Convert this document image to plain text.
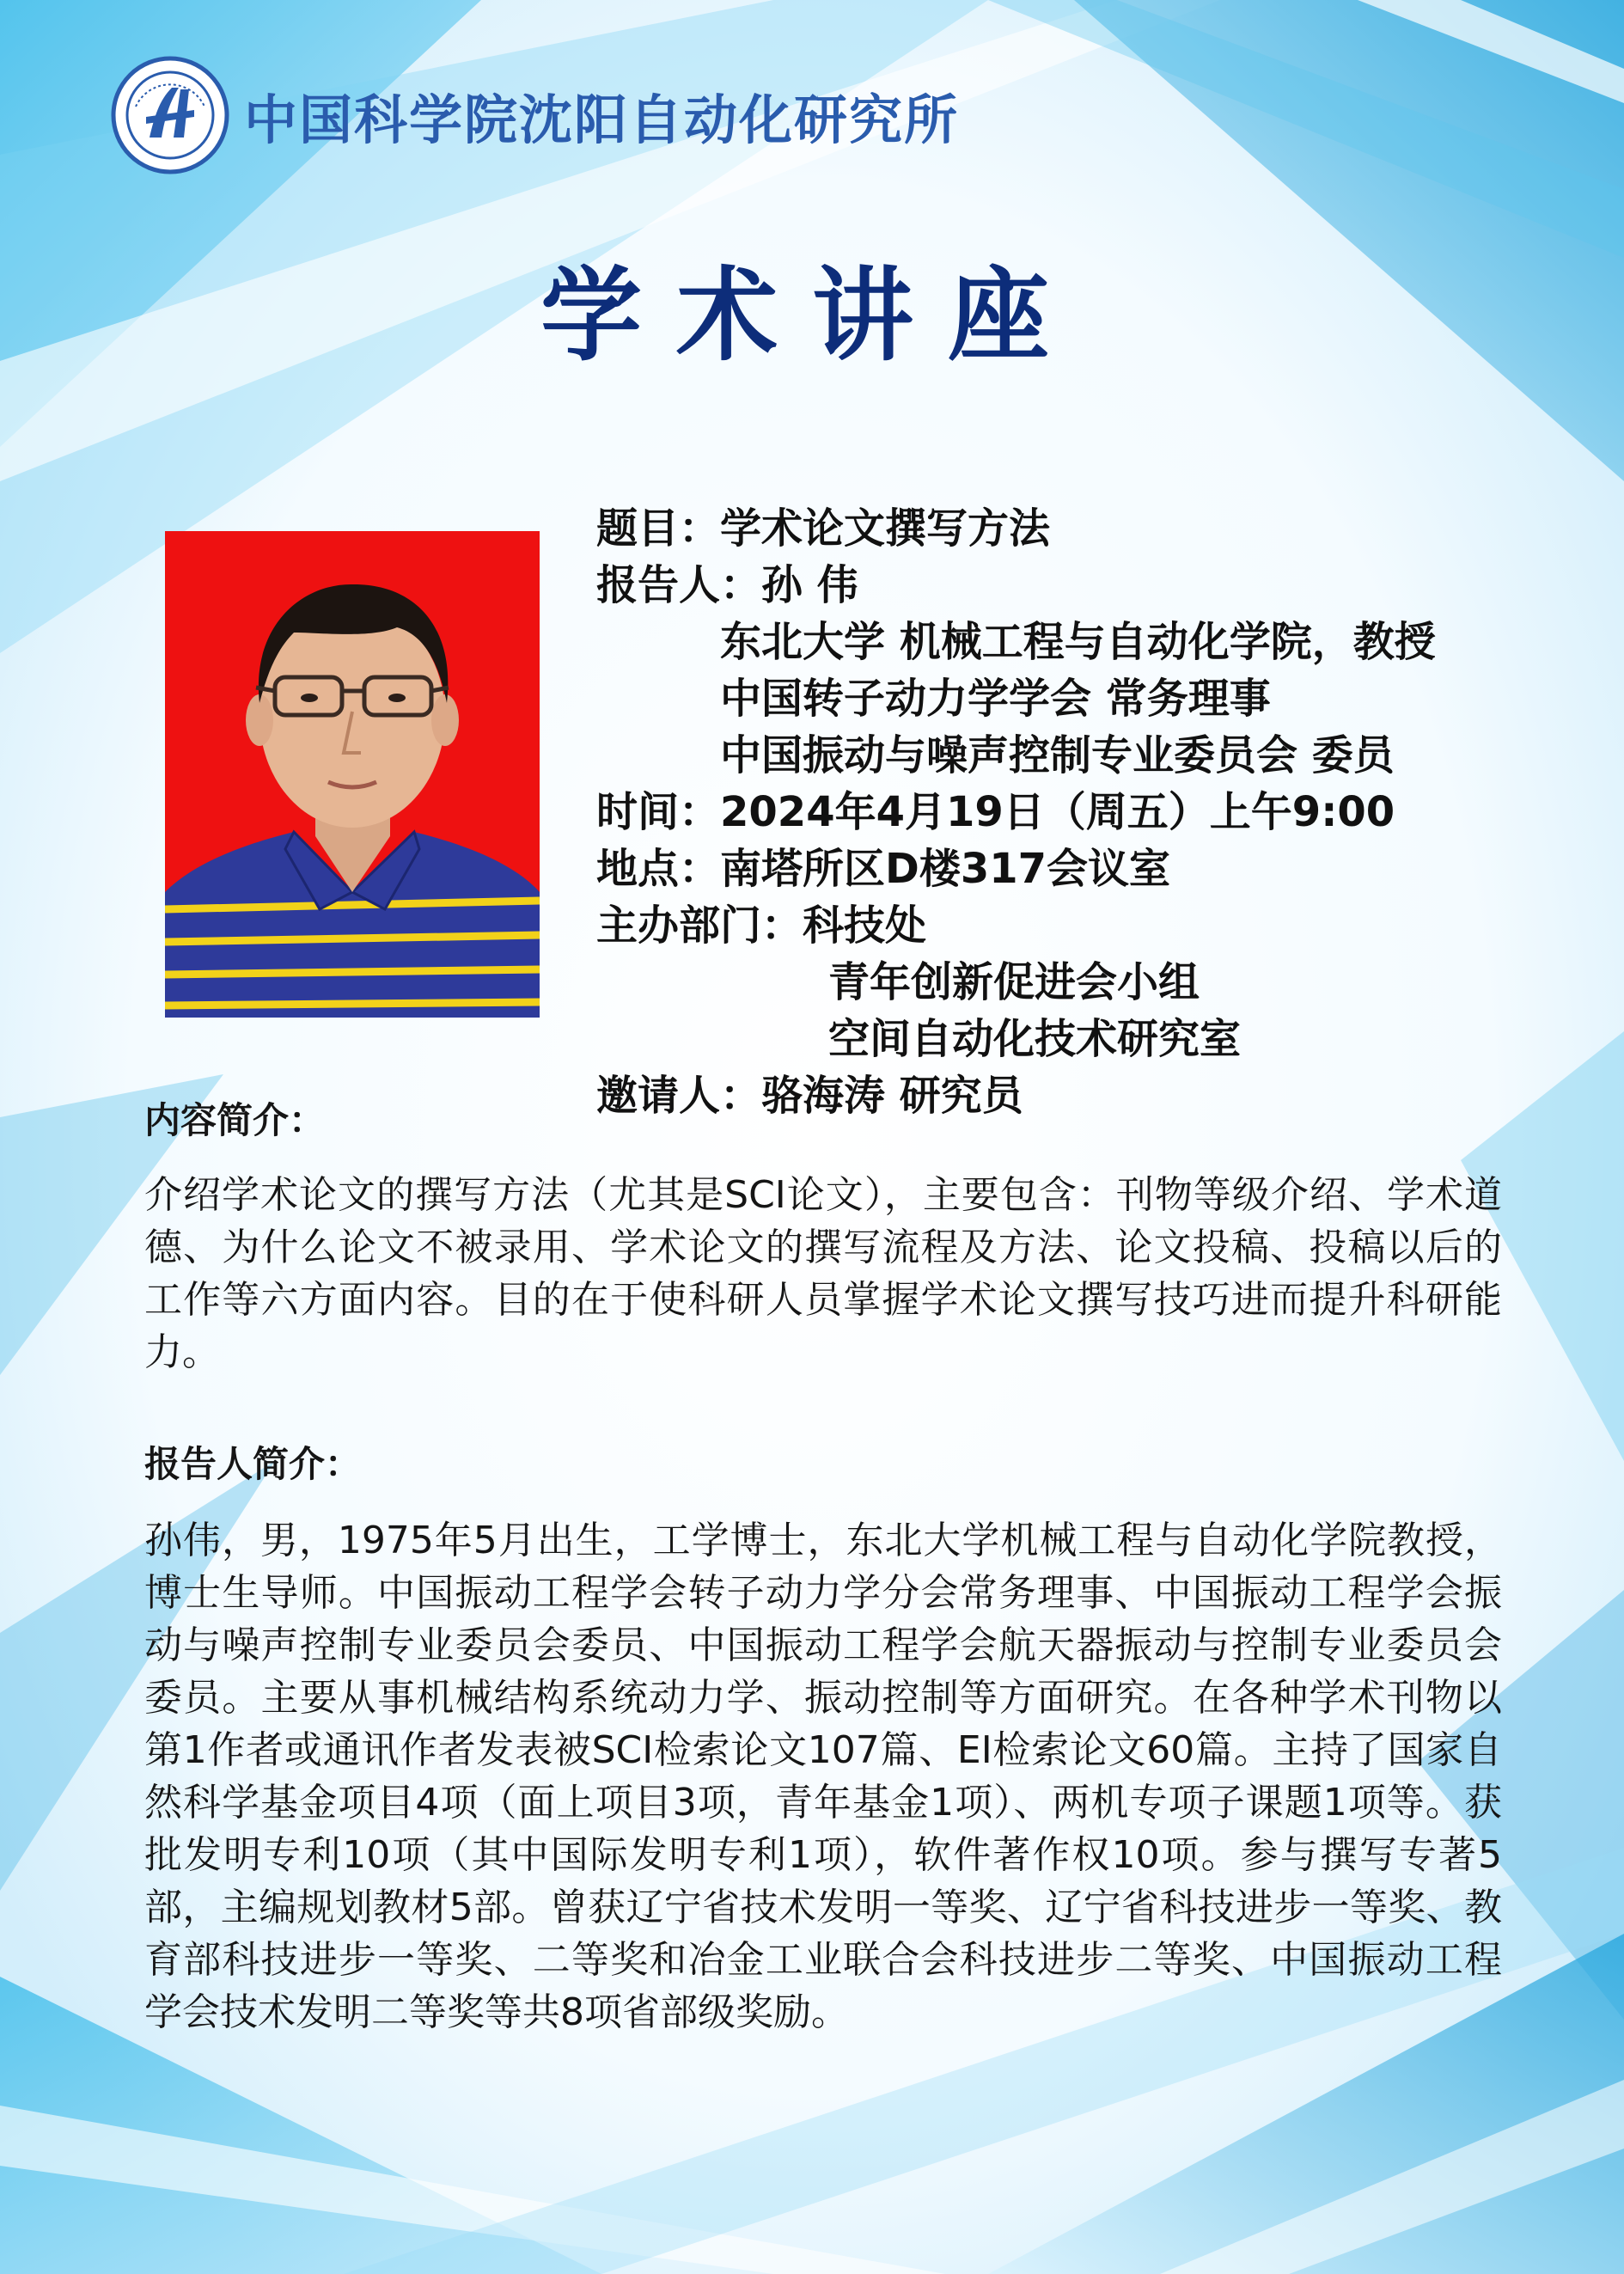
中国科学院沈阳自动化研究所
学术讲座
题目：学术论文撰写方法
报告人：孙 伟
东北大学 机械工程与自动化学院，教授
中国转子动力学学会 常务理事
中国振动与噪声控制专业委员会 委员
时间：2024年4月19日（周五）上午9:00
地点：南塔所区D楼317会议室
主办部门：科技处
青年创新促进会小组
空间自动化技术研究室
邀请人：骆海涛 研究员
内容简介：
介绍学术论文的撰写方法（尤其是SCI论文），主要包含：刊物等级介绍、学术道德、为什么论文不被录用、学术论文的撰写流程及方法、论文投稿、投稿以后的工作等六方面内容。目的在于使科研人员掌握学术论文撰写技巧进而提升科研能力。
报告人简介：
孙伟，男，1975年5月出生，工学博士，东北大学机械工程与自动化学院教授，博士生导师。中国振动工程学会转子动力学分会常务理事、中国振动工程学会振动与噪声控制专业委员会委员、中国振动工程学会航天器振动与控制专业委员会委员。主要从事机械结构系统动力学、振动控制等方面研究。在各种学术刊物以第1作者或通讯作者发表被SCI检索论文107篇、EI检索论文60篇。主持了国家自然科学基金项目4项（面上项目3项，青年基金1项）、两机专项子课题1项等。获批发明专利10项（其中国际发明专利1项），软件著作权10项。参与撰写专著5部，主编规划教材5部。曾获辽宁省技术发明一等奖、辽宁省科技进步一等奖、教育部科技进步一等奖、二等奖和冶金工业联合会科技进步二等奖、中国振动工程学会技术发明二等奖等共8项省部级奖励。
